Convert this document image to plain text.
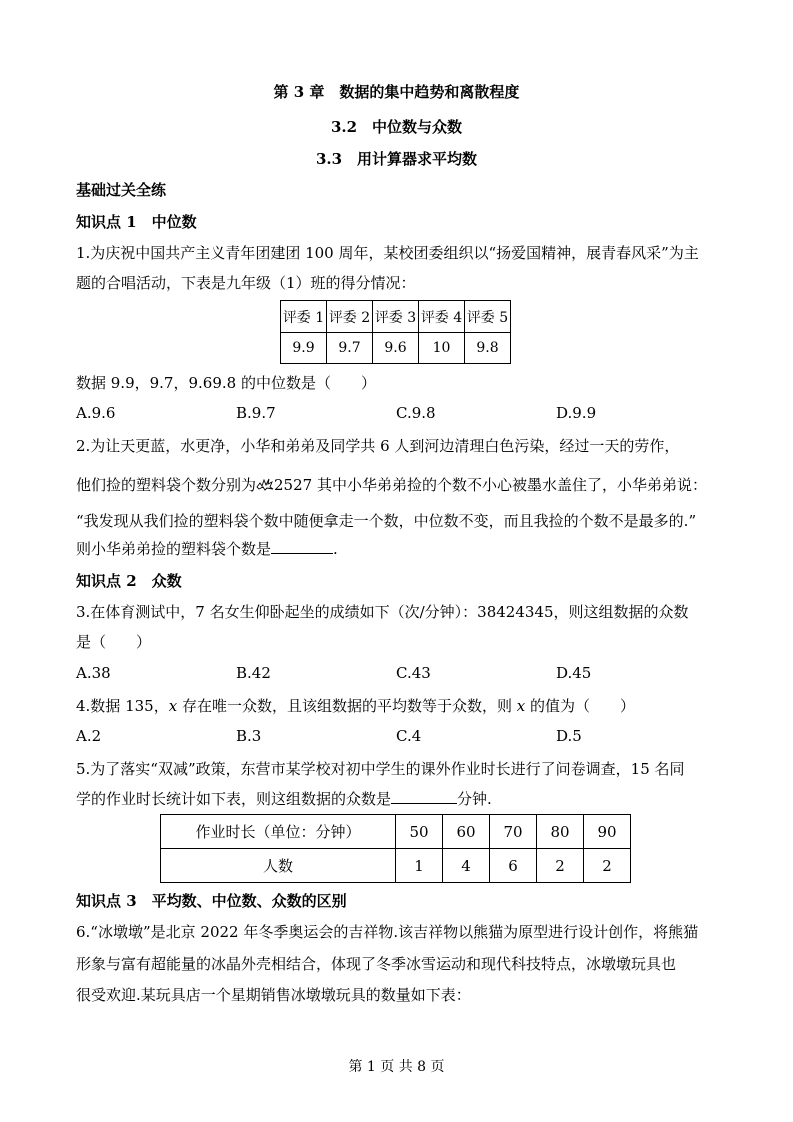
第 3 章　数据的集中趋势和离散程度
3.2　中位数与众数
3.3　用计算器求平均数
基础过关全练
知识点 1　中位数
1.为庆祝中国共产主义青年团建团 100 周年，某校团委组织以“扬爱国精神，展青春风采”为主
题的合唱活动，下表是九年级（1）班的得分情况：
评委 1	评委 2	评委 3	评委 4	评委 5
9.9	9.7	9.6	10	9.8
数据 9.9，9.7，9.69.8 的中位数是（　　）
A.9.6	B.9.7	C.9.8	D.9.9
2.为让天更蓝，水更净，小华和弟弟及同学共 6 人到河边清理白色污染，经过一天的劳作，
他们捡的塑料袋个数分别为 2527 其中小华弟弟捡的个数不小心被墨水盖住了，小华弟弟说：
“我发现从我们捡的塑料袋个数中随便拿走一个数，中位数不变，而且我捡的个数不是最多的.”
则小华弟弟捡的塑料袋个数是	.
知识点 2　众数
3.在体育测试中，7 名女生仰卧起坐的成绩如下（次/分钟）：38424345，则这组数据的众数
是（　　）
A.38	B.42	C.43	D.45
4.数据 135，x 存在唯一众数，且该组数据的平均数等于众数，则 x 的值为（　　）
A.2	B.3	C.4	D.5
5.为了落实“双减”政策，东营市某学校对初中学生的课外作业时长进行了问卷调查，15 名同
学的作业时长统计如下表，则这组数据的众数是	分钟.
作业时长（单位：分钟）	50	60	70	80	90
人数	1	4	6	2	2
知识点 3　平均数、中位数、众数的区别
6.“冰墩墩”是北京 2022 年冬季奥运会的吉祥物.该吉祥物以熊猫为原型进行设计创作，将熊猫
形象与富有超能量的冰晶外壳相结合，体现了冬季冰雪运动和现代科技特点，冰墩墩玩具也
很受欢迎.某玩具店一个星期销售冰墩墩玩具的数量如下表：
第 1 页 共 8 页
